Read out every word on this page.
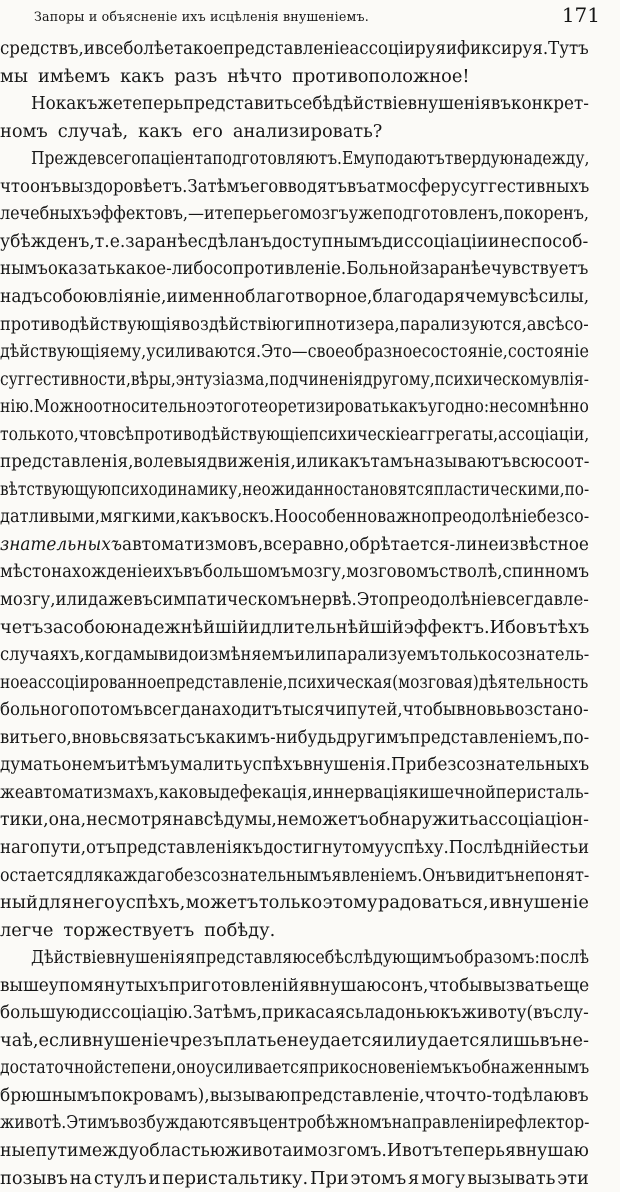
Запоры и объясненіе ихъ исцѣленія внушеніемъ.	171
средствъ, и все болѣе такое представленіе ассоціируя и фиксируя. Тутъ
мы имѣемъ какъ разъ нѣчто противоположное!
Но какъ же теперь представить себѣ дѣйствіе внушенія въ конкрет-
номъ случаѣ, какъ его анализировать?
Прежде всего паціента подготовляютъ. Ему подаютъ твердую надежду,
что онъ выздоровѣетъ. Затѣмъ его вводятъ въ атмосферу суггестивныхъ
лечебныхъ эффектовъ,—и теперь его мозгъ уже подготовленъ, покоренъ,
убѣжденъ, т. е. заранѣе сдѣланъ доступнымъ диссоціаціи и неспособ-
нымъ оказать какое-либо сопротивленіе. Больной заранѣе чувствуетъ
надъ собою вліяніе, и именно благотворное, благодаря чему всѣ силы,
противодѣйствующія воздѣйствію гипнотизера, парализуются, а всѣ со-
дѣйствующія ему, усиливаются. Это — своеобразное состояніе, состояніе
суггестивности, вѣры, энтузіазма, подчиненія другому, психическому влія-
нію. Можно относительно этого теоретизировать какъ угодно: несомнѣнно
только то, что всѣ противодѣйствующіе психическіе аггрегаты, ассоціаціи,
представленія, волевыя движенія, или какъ тамъ называютъ всю соот-
вѣтствующую психодинамику, неожиданно становятся пластическими, по-
датливыми, мягкими, какъ воскъ. Но особенно важно преодолѣніе безсо-
знательныхъ автоматизмовъ, все равно, обрѣтается-ли неизвѣстное
мѣстонахожденіе ихъ въ большомъ мозгу, мозговомъ стволѣ, спинномъ
мозгу, или даже въ симпатическомъ нервѣ. Это преодолѣніе всегда вле-
четъ за собою надежнѣйшій и длительнѣйшій эффектъ. Ибо въ тѣхъ
случаяхъ, когда мы видоизмѣняемъ или парализуемъ только сознатель-
ное ассоціированное представленіе, психическая (мозговая) дѣятельность
больного потомъ всегда находитъ тысячи путей, чтобы вновь возстано-
вить его, вновь связать съ какимъ-нибудь другимъ представленіемъ, по-
думать о немъ и тѣмъ умалить успѣхъ внушенія. При безсознательныхъ
же автоматизмахъ, каковы дефекація, иннервація кишечной перисталь-
тики, она, несмотря на всѣ думы, не можетъ обнаружить ассоціаціон-
наго пути, отъ представленія къ достигнутому успѣху. Послѣдній есть и
остается для каждаго безсознательнымъ явленіемъ. Онъ видитъ непонят-
ный для него успѣхъ, можетъ только этому радоваться, и внушеніе
легче торжествуетъ побѣду.
Дѣйствіе внушенія я представляю себѣ слѣдующимъ образомъ: послѣ
вышеупомянутыхъ приготовленій я внушаю сонъ, чтобы вызвать еще
большую диссоціацію. Затѣмъ, прикасаясь ладонью къ животу (въ слу-
чаѣ, если внушеніе чрезъ платье не удается или удается лишь въ не-
достаточной степени, оно усиливается прикосновеніемъ къ обнаженнымъ
брюшнымъ покровамъ), вызываю представленіе, что что-то дѣлаю въ
животѣ. Этимъ возбуждаются въ центробѣжномъ направленіи рефлектор-
ные пути между областью живота и мозгомъ. И вотъ теперь я внушаю
позывъ на стулъ и перистальтику. При этомъ я могу вызывать эти
